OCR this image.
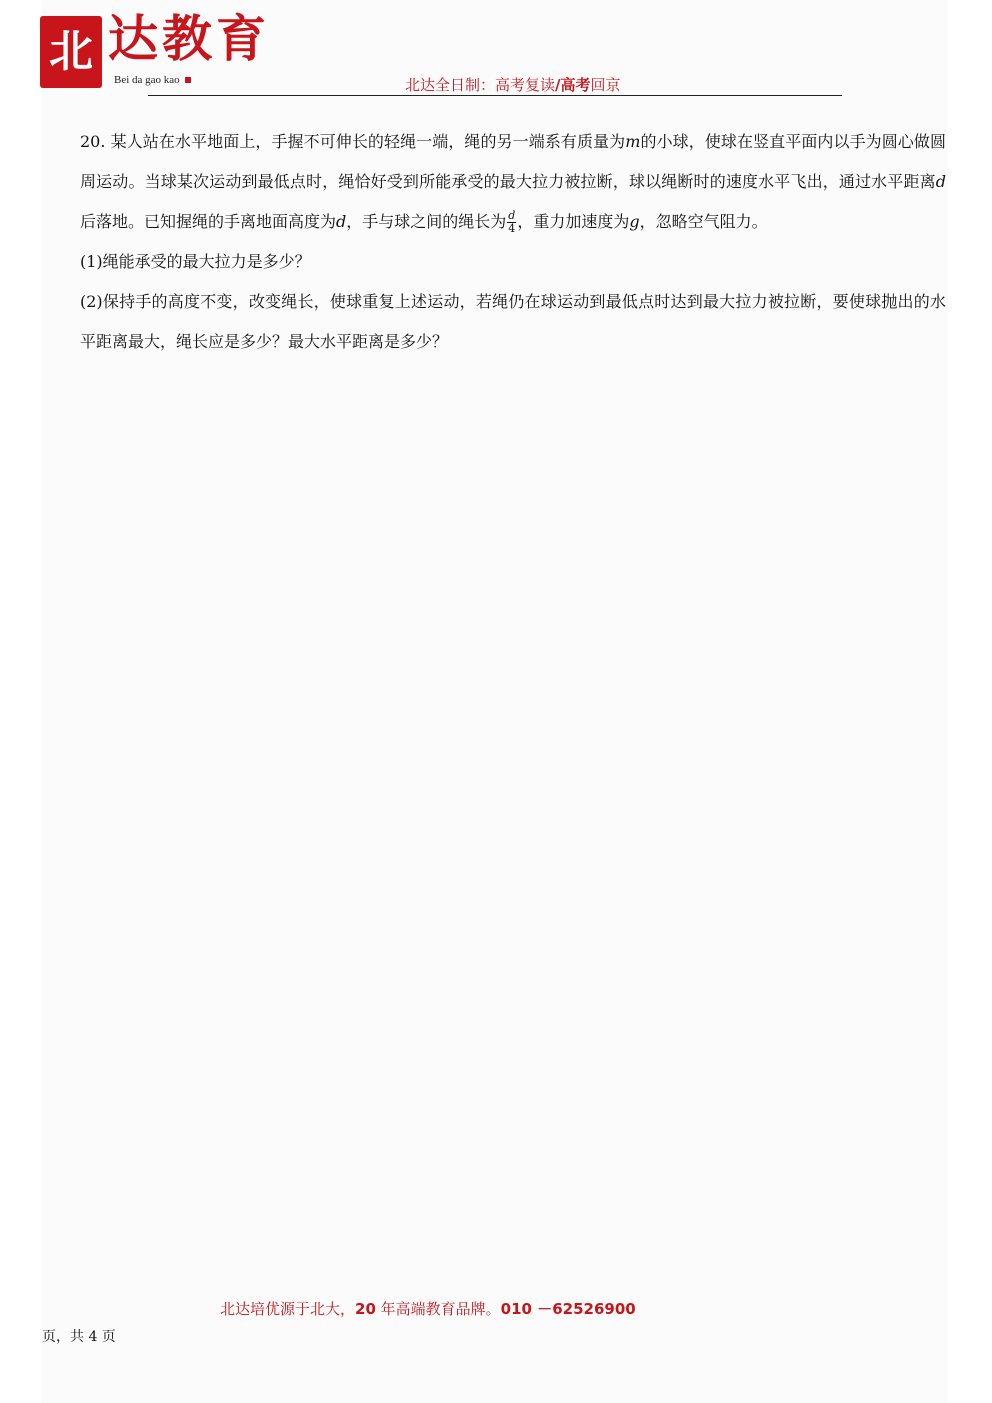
北 达教育
Bei da gao kao	北达全日制：高考复读/高考回京

20. 某人站在水平地面上，手握不可伸长的轻绳一端，绳的另一端系有质量为m的小球，使球在竖直平面内以手为圆心做圆周运动。当球某次运动到最低点时，绳恰好受到所能承受的最大拉力被拉断，球以绳断时的速度水平飞出，通过水平距离d后落地。已知握绳的手离地面高度为d，手与球之间的绳长为 $\frac{d}{4}$ ，重力加速度为g，忽略空气阻力。

(1)绳能承受的最大拉力是多少？

(2)保持手的高度不变，改变绳长，使球重复上述运动，若绳仍在球运动到最低点时达到最大拉力被拉断，要使球抛出的水平距离最大，绳长应是多少？最大水平距离是多少？

北达培优源于北大，20 年高端教育品牌。010 －62526900
页，共 4 页
